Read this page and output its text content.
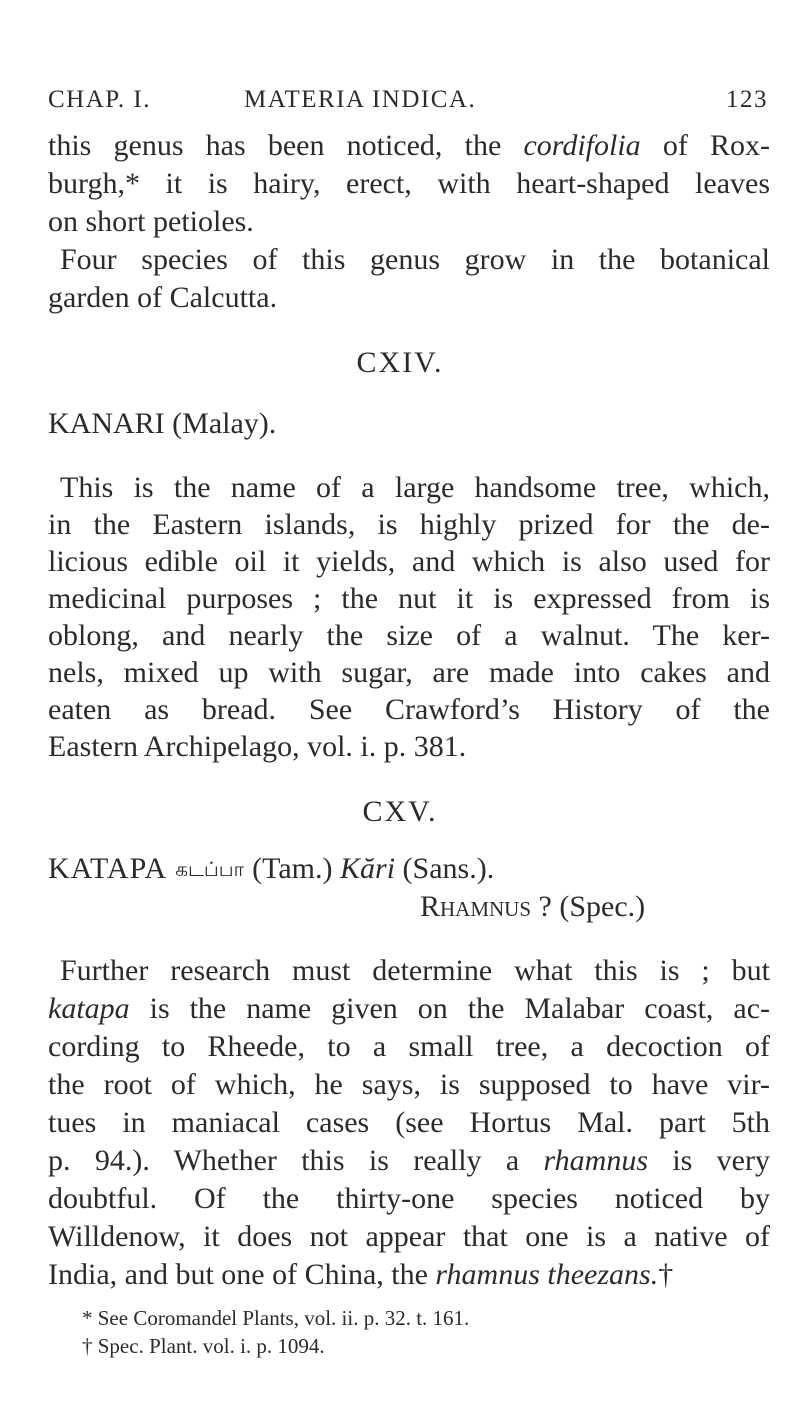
CHAP. I.	MATERIA INDICA.	123
this genus has been noticed, the cordifolia of Rox-
burgh,* it is hairy, erect, with heart-shaped leaves
on short petioles.
Four species of this genus grow in the botanical
garden of Calcutta.
CXIV.
KANARI (Malay).
This is the name of a large handsome tree, which,
in the Eastern islands, is highly prized for the de-
licious edible oil it yields, and which is also used for
medicinal purposes ; the nut it is expressed from is
oblong, and nearly the size of a walnut. The ker-
nels, mixed up with sugar, are made into cakes and
eaten as bread. See Crawford’s History of the
Eastern Archipelago, vol. i. p. 381.
CXV.
KATAPA கடப்பா (Tam.) Kări (Sans.).
Rhamnus ? (Spec.)
Further research must determine what this is ; but
katapa is the name given on the Malabar coast, ac-
cording to Rheede, to a small tree, a decoction of
the root of which, he says, is supposed to have vir-
tues in maniacal cases (see Hortus Mal. part 5th
p. 94.). Whether this is really a rhamnus is very
doubtful. Of the thirty-one species noticed by
Willdenow, it does not appear that one is a native of
India, and but one of China, the rhamnus theezans.†
* See Coromandel Plants, vol. ii. p. 32. t. 161.
† Spec. Plant. vol. i. p. 1094.
